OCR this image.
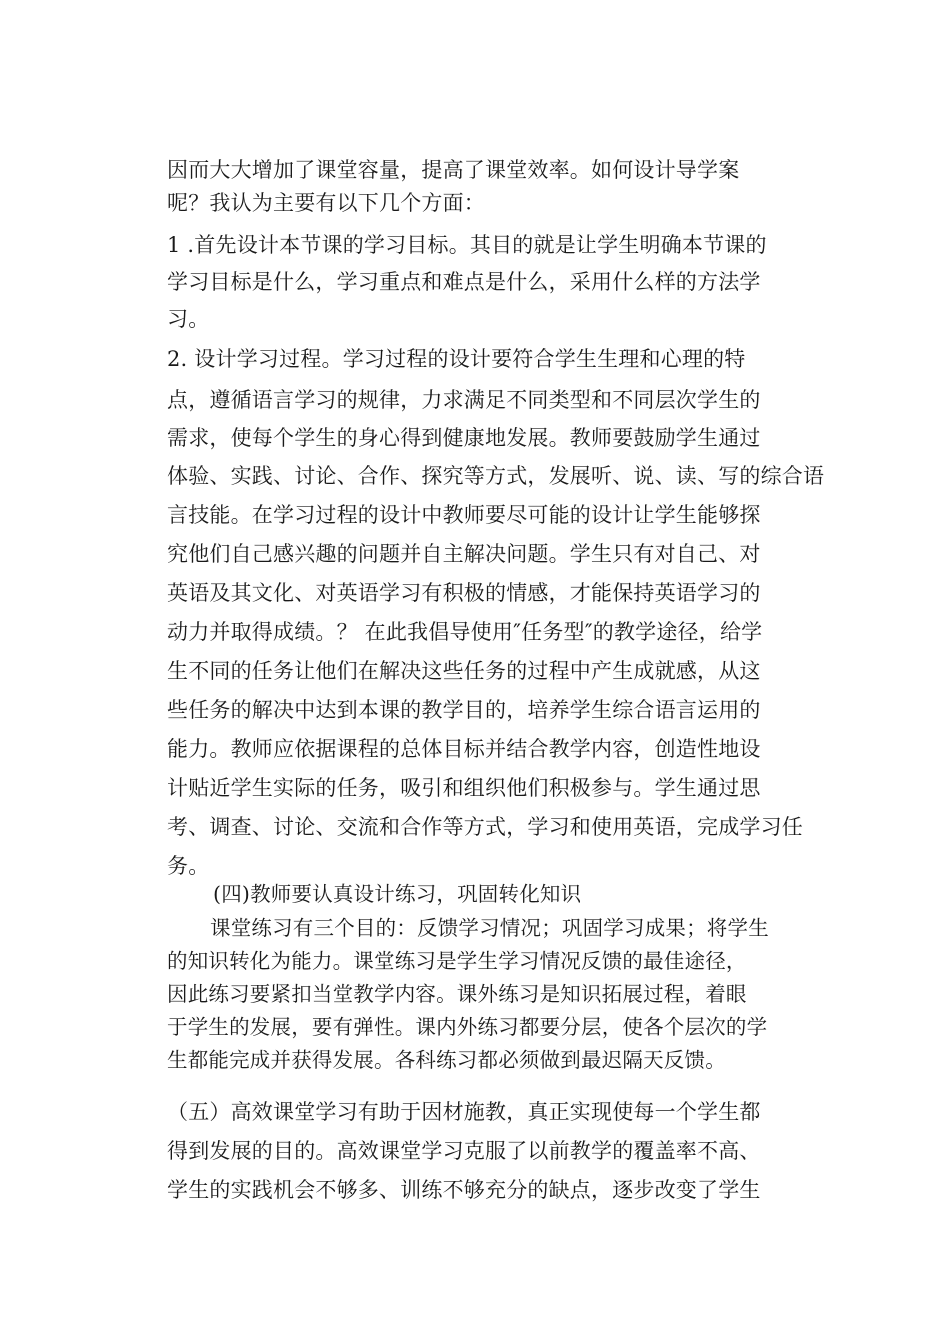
因而大大增加了课堂容量，提高了课堂效率。如何设计导学案
呢？我认为主要有以下几个方面：
1 .首先设计本节课的学习目标。其目的就是让学生明确本节课的
学习目标是什么，学习重点和难点是什么，采用什么样的方法学
习。
2. 设计学习过程。学习过程的设计要符合学生生理和心理的特
点，遵循语言学习的规律，力求满足不同类型和不同层次学生的
需求，使每个学生的身心得到健康地发展。教师要鼓励学生通过
体验、实践、讨论、合作、探究等方式，发展听、说、读、写的综合语
言技能。在学习过程的设计中教师要尽可能的设计让学生能够探
究他们自己感兴趣的问题并自主解决问题。学生只有对自己、对
英语及其文化、对英语学习有积极的情感，才能保持英语学习的
动力并取得成绩。？ 在此我倡导使用″任务型″的教学途径，给学
生不同的任务让他们在解决这些任务的过程中产生成就感，从这
些任务的解决中达到本课的教学目的，培养学生综合语言运用的
能力。教师应依据课程的总体目标并结合教学内容，创造性地设
计贴近学生实际的任务，吸引和组织他们积极参与。学生通过思
考、调查、讨论、交流和合作等方式，学习和使用英语，完成学习任
务。
(四)教师要认真设计练习，巩固转化知识
课堂练习有三个目的：反馈学习情况；巩固学习成果；将学生
的知识转化为能力。课堂练习是学生学习情况反馈的最佳途径，
因此练习要紧扣当堂教学内容。课外练习是知识拓展过程，着眼
于学生的发展，要有弹性。课内外练习都要分层，使各个层次的学
生都能完成并获得发展。各科练习都必须做到最迟隔天反馈。
（五）高效课堂学习有助于因材施教，真正实现使每一个学生都
得到发展的目的。高效课堂学习克服了以前教学的覆盖率不高、
学生的实践机会不够多、训练不够充分的缺点，逐步改变了学生
